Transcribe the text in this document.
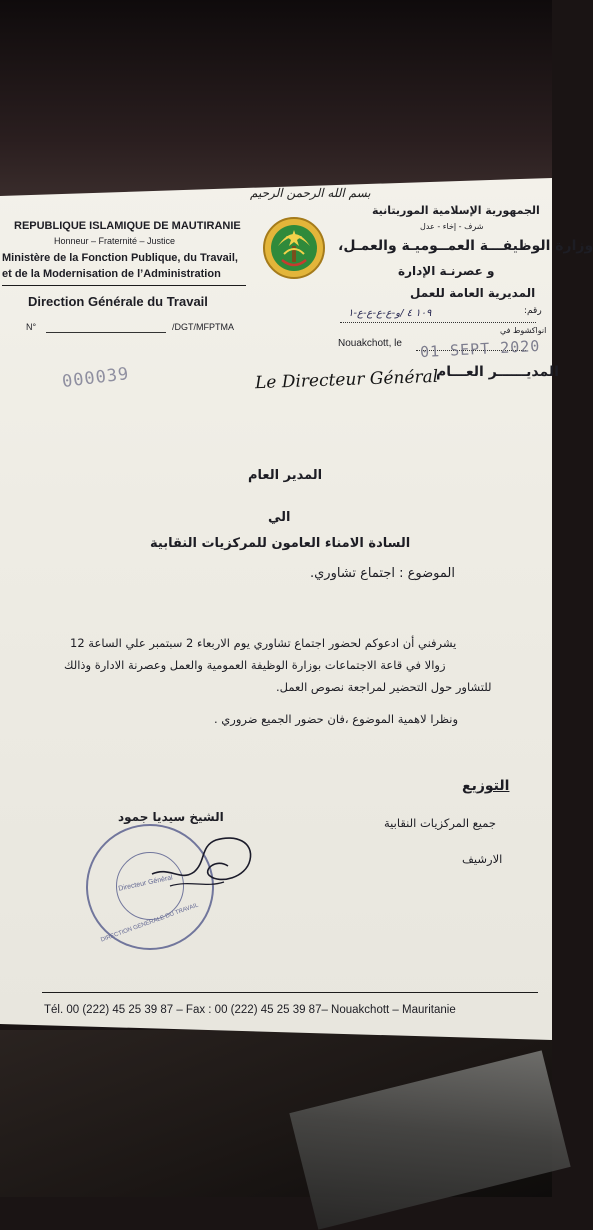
بسم الله الرحمن الرحيم
REPUBLIQUE ISLAMIQUE DE MAUTIRANIE
Honneur – Fraternité – Justice
Ministère de la Fonction Publique, du Travail,
et de la Modernisation de l’Administration
Direction Générale du Travail
N°	/DGT/MFPTMA
الجمهورية الإسلامية الموريتانية
شرف - إخاء - عدل
وزارة الوظيفـــة العمــوميـة والعمـل،
و عصرنـة الإدارة
المديرية العامة للعمل
رقم:
١٠٩ ٤ /و-ع-ع-ع-ع-١
انواكشوط في
Nouakchott, le
000039
01 SEPT 2020
Le Directeur Général
المديــــــر العـــام
المدير العام
الي
السادة الامناء العامون للمركزيات النقابية
الموضوع : اجتماع تشاوري.
يشرفني أن ادعوكم لحضور اجتماع تشاوري يوم الاربعاء 2 سبتمبر علي الساعة 12
زوالا في قاعة الاجتماعات بوزارة الوظيفة العمومية والعمل وعصرنة الادارة وذالك
للتشاور حول التحضير لمراجعة نصوص العمل.
ونظرا لاهمية الموضوع ،فان حضور الجميع ضروري .
التوزيع
جميع المركزيات النقابية
الارشيف
الشيخ سيديا جمود
DIRECTION GENERALE DU TRAVAIL
Directeur Général
Tél. 00 (222) 45 25 39 87 – Fax : 00 (222) 45 25 39 87– Nouakchott – Mauritanie
